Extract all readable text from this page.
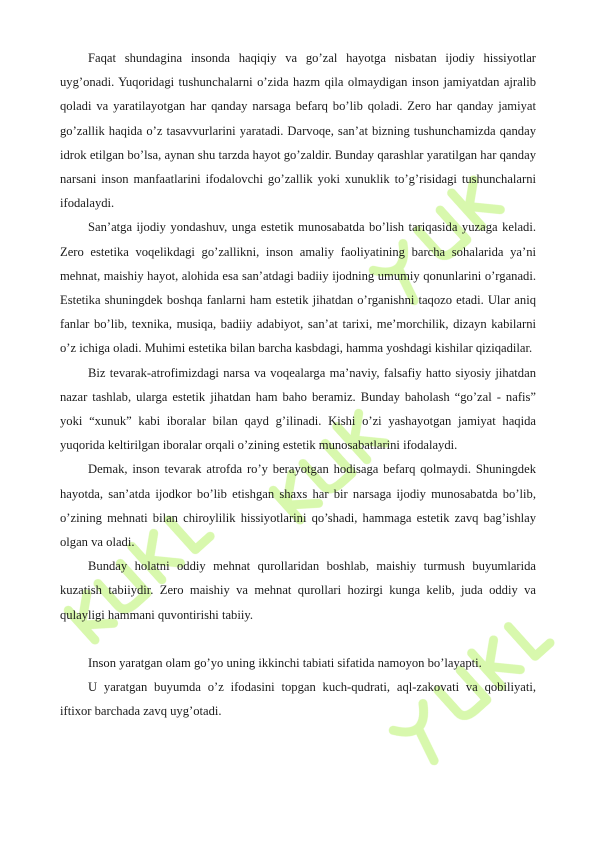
Faqat shundagina insonda haqiqiy va go’zal hayotga nisbatan ijodiy hissiyotlar uyg’onadi. Yuqoridagi tushunchalarni o’zida hazm qila olmaydigan inson jamiyatdan ajralib qoladi va yaratilayotgan har qanday narsaga befarq bo’lib qoladi. Zero har qanday jamiyat go’zallik haqida o’z tasavvurlarini yaratadi. Darvoqe, san’at bizning tushunchamizda qanday idrok etilgan bo’lsa, aynan shu tarzda hayot go’zaldir. Bunday qarashlar yaratilgan har qanday narsani inson manfaatlarini ifodalovchi go’zallik yoki xunuklik to’g’risidagi tushunchalarni ifodalaydi.

San’atga ijodiy yondashuv, unga estetik munosabatda bo’lish tariqasida yuzaga keladi. Zero estetika voqelikdagi go’zallikni, inson amaliy faoliyatining barcha sohalarida ya’ni mehnat, maishiy hayot, alohida esa san’atdagi badiiy ijodning umumiy qonunlarini o’rganadi. Estetika shuningdek boshqa fanlarni ham estetik jihatdan o’rganishni taqozo etadi. Ular aniq fanlar bo’lib, texnika, musiqa, badiiy adabiyot, san’at tarixi, me’morchilik, dizayn kabilarni o’z ichiga oladi. Muhimi estetika bilan barcha kasbdagi, hamma yoshdagi kishilar qiziqadilar.

Biz tevarak-atrofimizdagi narsa va voqealarga ma’naviy, falsafiy hatto siyosiy jihatdan nazar tashlab, ularga estetik jihatdan ham baho beramiz. Bunday baholash “go’zal - nafis” yoki “xunuk” kabi iboralar bilan qayd g’ilinadi. Kishi o’zi yashayotgan jamiyat haqida yuqorida keltirilgan iboralar orqali o’zining estetik munosabatlarini ifodalaydi.

Demak, inson tevarak atrofda ro’y berayotgan hodisaga befarq qolmaydi. Shuningdek hayotda, san’atda ijodkor bo’lib etishgan shaxs har bir narsaga ijodiy munosabatda bo’lib, o’zining mehnati bilan chiroylilik hissiyotlarini qo’shadi, hammaga estetik zavq bag’ishlay olgan va oladi.

Bunday holatni oddiy mehnat qurollaridan boshlab, maishiy turmush buyumlarida kuzatish tabiiydir. Zero maishiy va mehnat qurollari hozirgi kunga kelib, juda oddiy va qulayligi hammani quvontirishi tabiiy.

Inson yaratgan olam go’yo uning ikkinchi tabiati sifatida namoyon bo’layapti.

U yaratgan buyumda o’z ifodasini topgan kuch-qudrati, aql-zakovati va qobiliyati, iftixor barchada zavq uyg’otadi.
